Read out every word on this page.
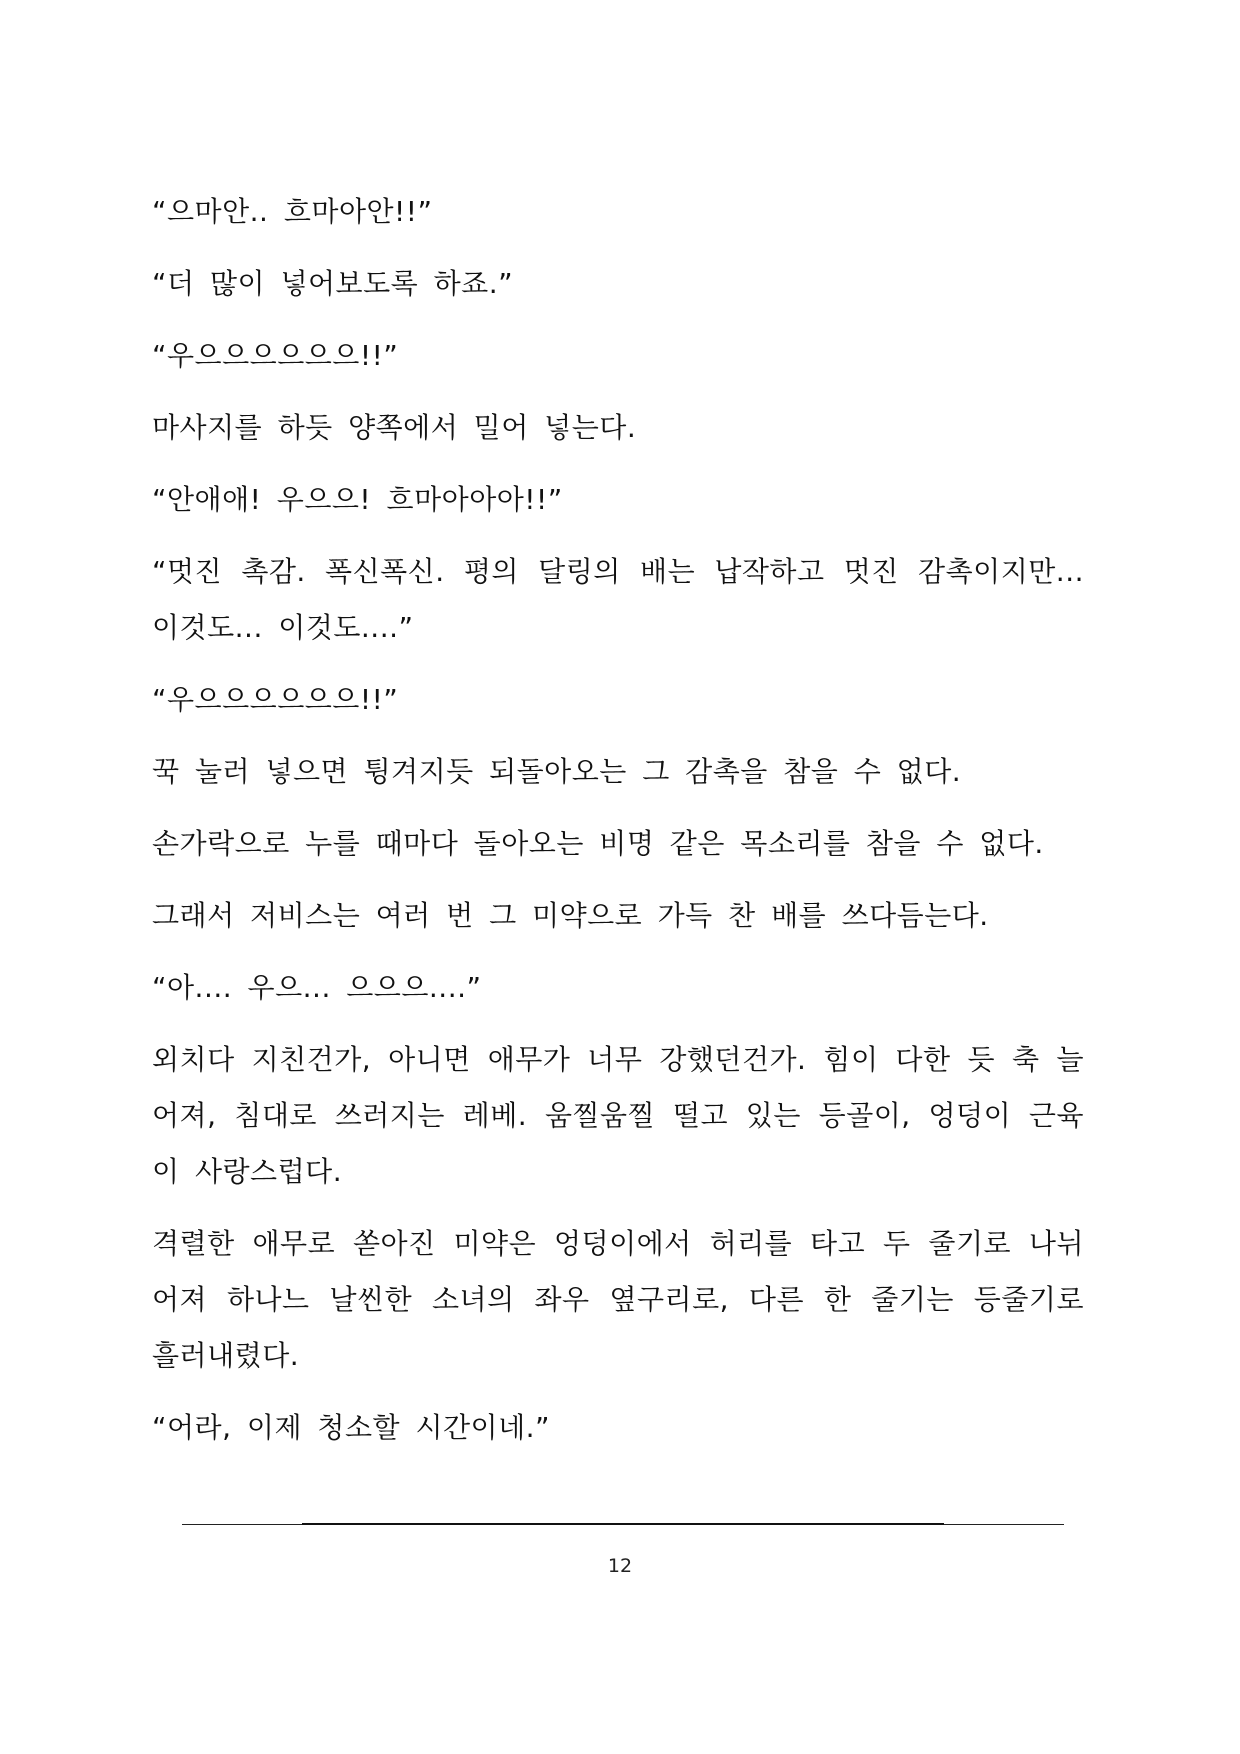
“으마안.. 흐마아안!!”

“더 많이 넣어보도록 하죠.”

“우으으으으으으!!”

마사지를 하듯 양쪽에서 밀어 넣는다.

“안애애! 우으으! 흐마아아아!!”

“멋진 촉감. 폭신폭신. 평의 달링의 배는 납작하고 멋진 감촉이지만... 이것도... 이것도....”

“우으으으으으으!!”

꾹 눌러 넣으면 튕겨지듯 되돌아오는 그 감촉을 참을 수 없다.

손가락으로 누를 때마다 돌아오는 비명 같은 목소리를 참을 수 없다.

그래서 저비스는 여러 번 그 미약으로 가득 찬 배를 쓰다듬는다.

“아.... 우으... 으으으....”

외치다 지친건가, 아니면 애무가 너무 강했던건가. 힘이 다한 듯 축 늘어져, 침대로 쓰러지는 레베. 움찔움찔 떨고 있는 등골이, 엉덩이 근육이 사랑스럽다.

격렬한 애무로 쏟아진 미약은 엉덩이에서 허리를 타고 두 줄기로 나뉘어져 하나느 날씬한 소녀의 좌우 옆구리로, 다른 한 줄기는 등줄기로 흘러내렸다.

“어라, 이제 청소할 시간이네.”

12
